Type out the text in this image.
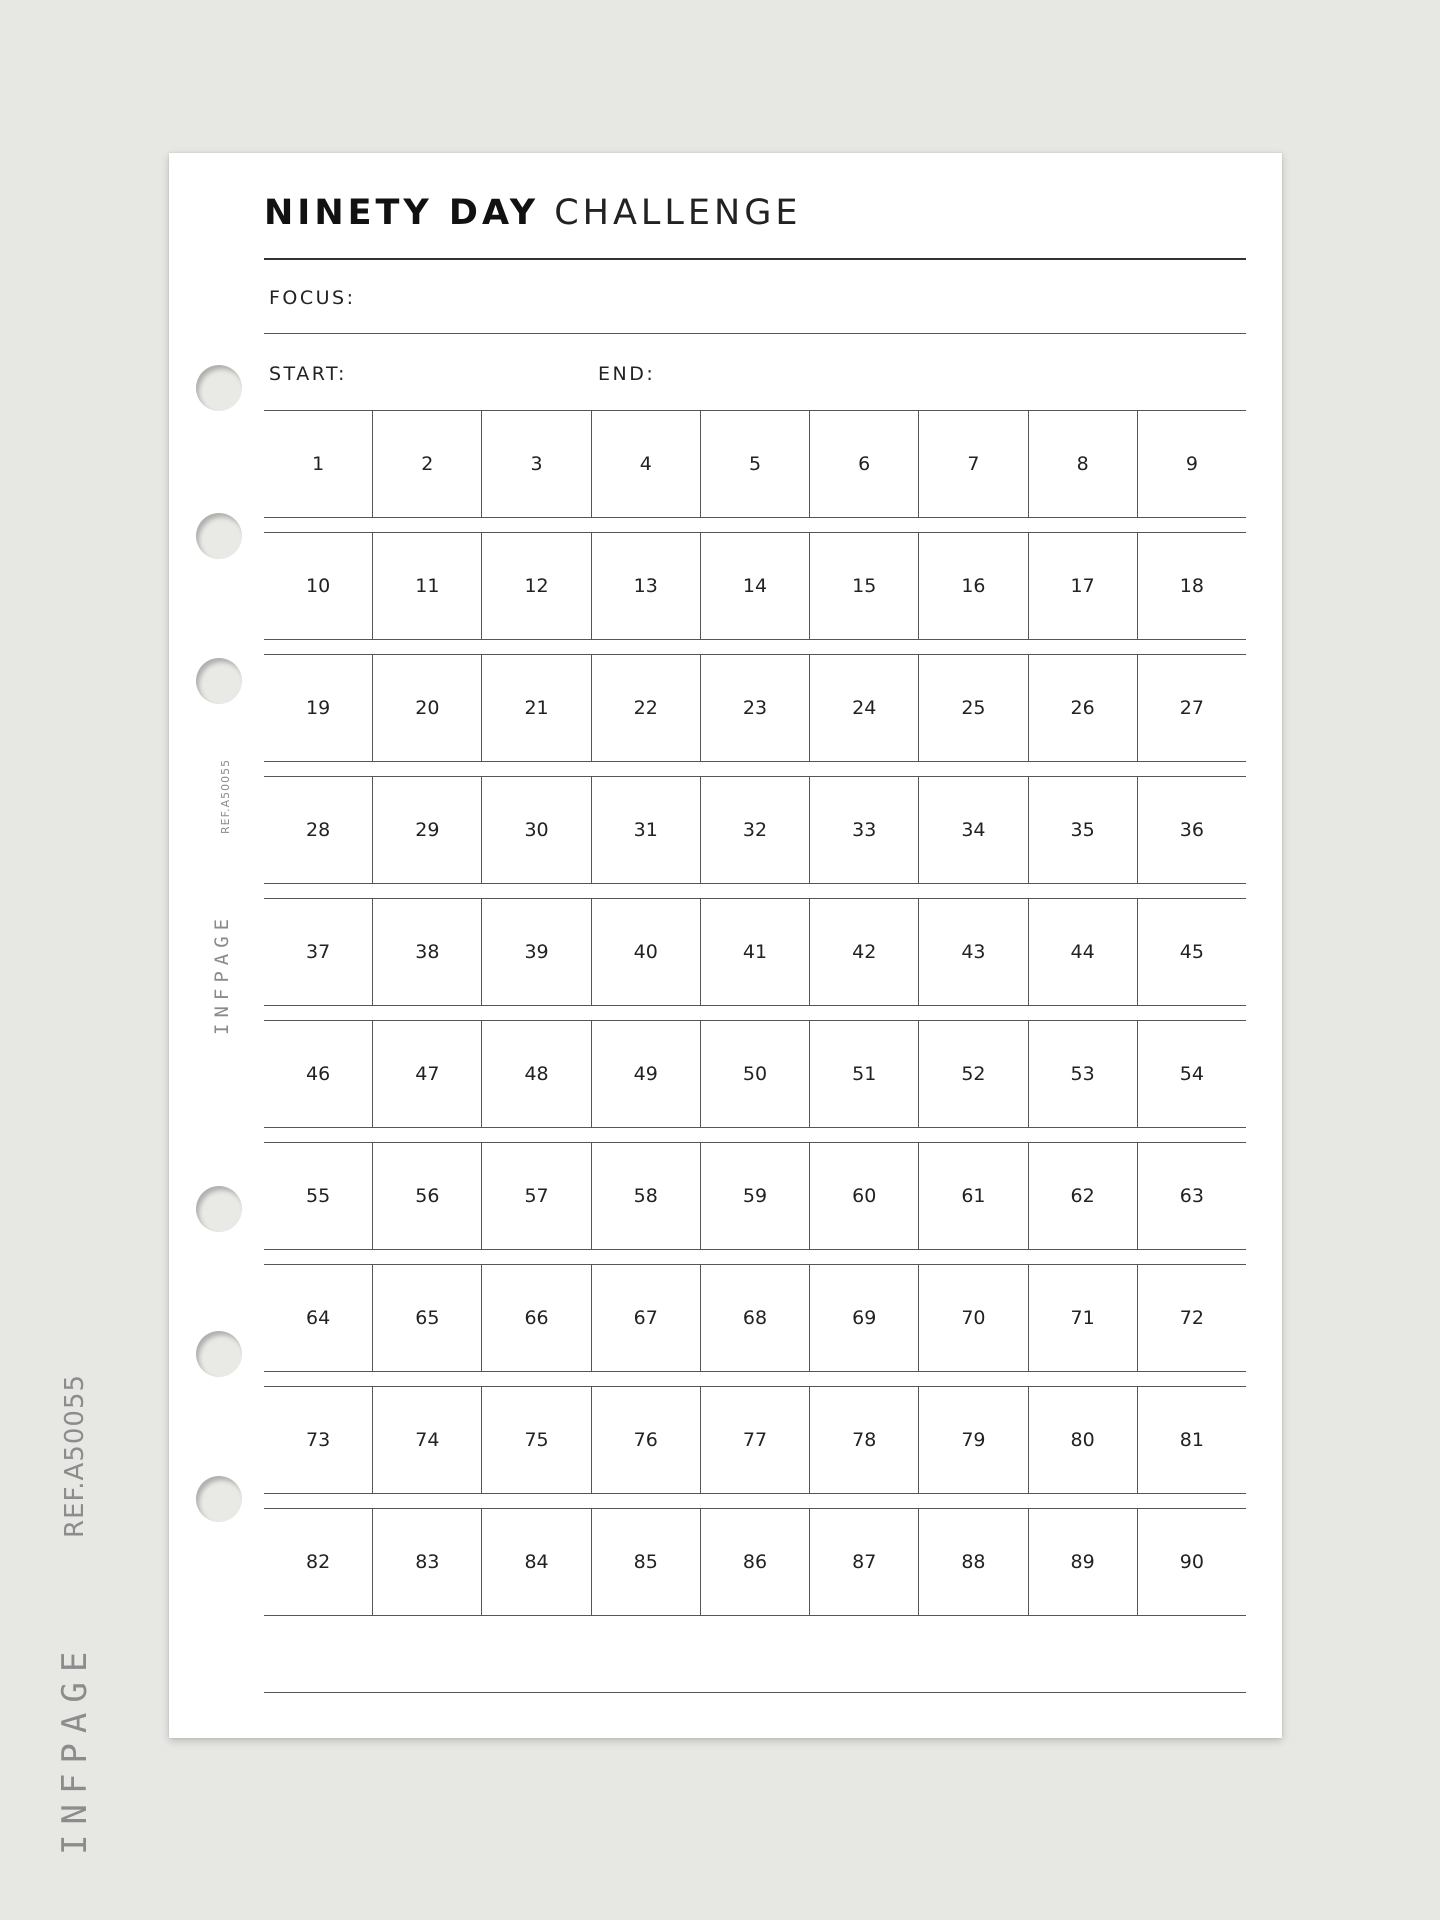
NINETY DAY CHALLENGE
FOCUS:
START:	END:
1	2	3	4	5	6	7	8	9
10	11	12	13	14	15	16	17	18
19	20	21	22	23	24	25	26	27
28	29	30	31	32	33	34	35	36
37	38	39	40	41	42	43	44	45
46	47	48	49	50	51	52	53	54
55	56	57	58	59	60	61	62	63
64	65	66	67	68	69	70	71	72
73	74	75	76	77	78	79	80	81
82	83	84	85	86	87	88	89	90
REF.A50055
INFPAGE
REF.A50055
INFPAGE
